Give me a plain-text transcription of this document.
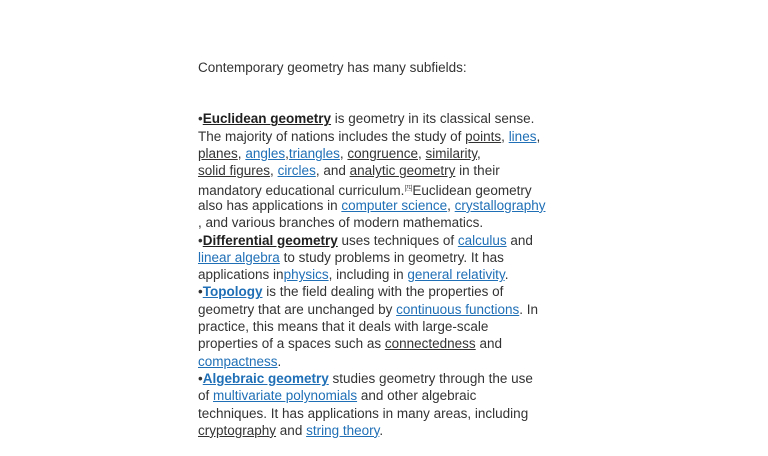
Contemporary geometry has many subfields:

•Euclidean geometry is geometry in its classical sense.
The majority of nations includes the study of points, lines,
planes, angles,triangles, congruence, similarity,
solid figures, circles, and analytic geometry in their
mandatory educational curriculum.$^四$Euclidean geometry
also has applications in computer science, crystallography
, and various branches of modern mathematics.
•Differential geometry uses techniques of calculus and
linear algebra to study problems in geometry. It has
applications inphysics, including in general relativity.
•Topology is the field dealing with the properties of
geometry that are unchanged by continuous functions. In
practice, this means that it deals with large-scale
properties of a spaces such as connectedness and
compactness.
•Algebraic geometry studies geometry through the use
of multivariate polynomials and other algebraic
techniques. It has applications in many areas, including
cryptography and string theory.
